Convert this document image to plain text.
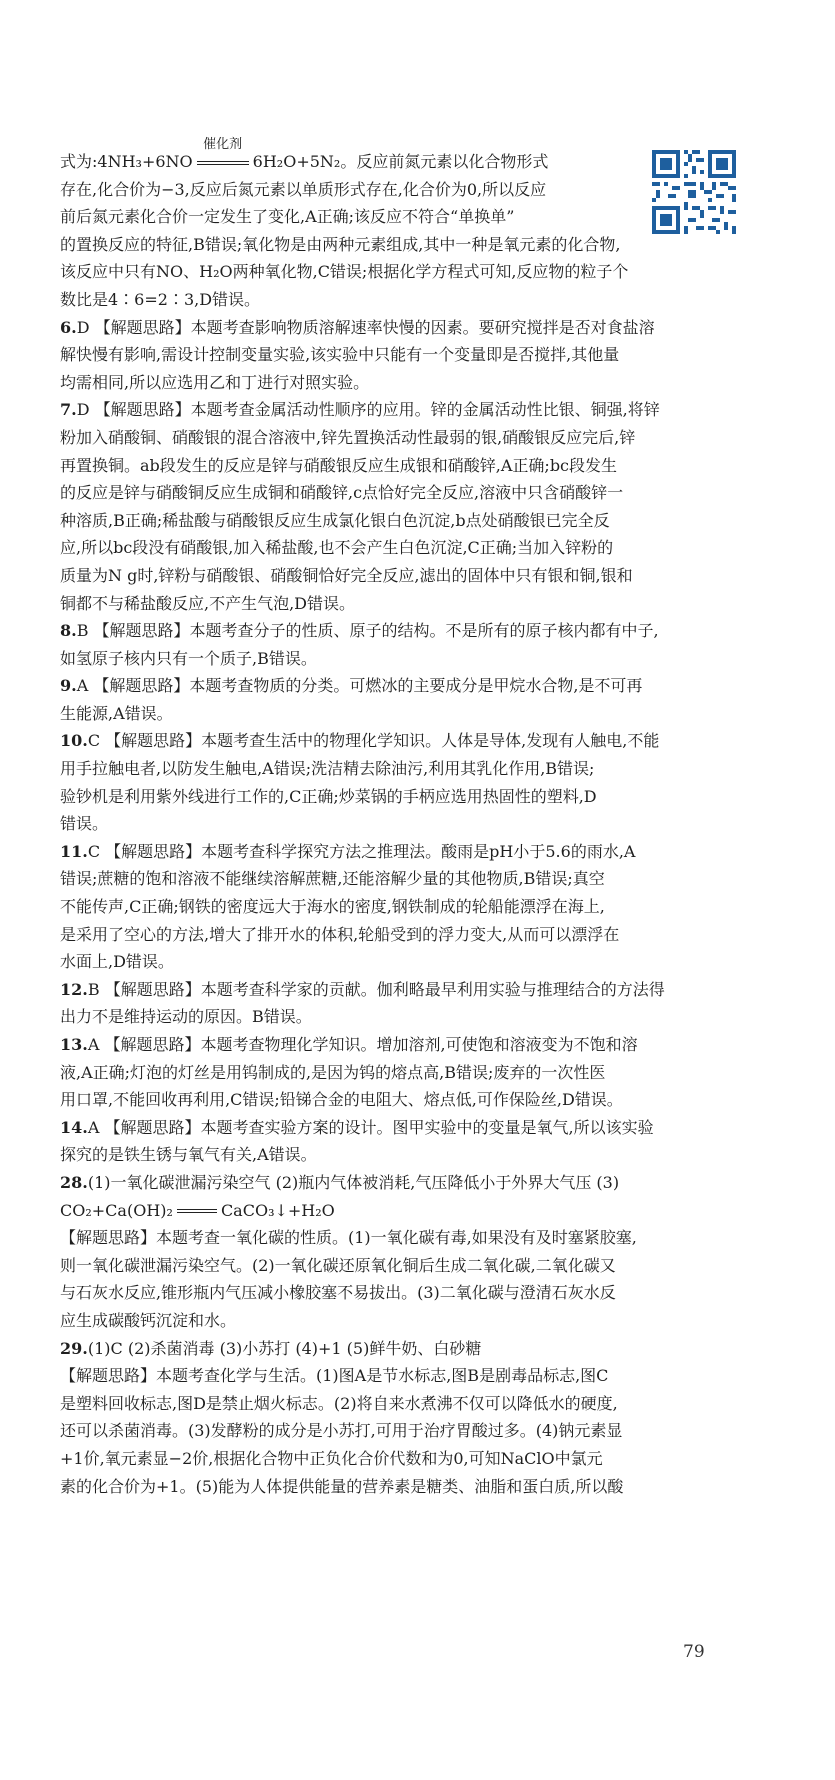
式为:4NH₃+6NO
催化剂
6H₂O+5N₂。反应前氮元素以化合物形式
存在,化合价为−3,反应后氮元素以单质形式存在,化合价为0,所以反应
前后氮元素化合价一定发生了变化,A正确;该反应不符合“单换单”
的置换反应的特征,B错误;氧化物是由两种元素组成,其中一种是氧元素的化合物,
该反应中只有NO、H₂O两种氧化物,C错误;根据化学方程式可知,反应物的粒子个
数比是4∶6=2∶3,D错误。
6.D 【解题思路】本题考查影响物质溶解速率快慢的因素。要研究搅拌是否对食盐溶
解快慢有影响,需设计控制变量实验,该实验中只能有一个变量即是否搅拌,其他量
均需相同,所以应选用乙和丁进行对照实验。
7.D 【解题思路】本题考查金属活动性顺序的应用。锌的金属活动性比银、铜强,将锌
粉加入硝酸铜、硝酸银的混合溶液中,锌先置换活动性最弱的银,硝酸银反应完后,锌
再置换铜。ab段发生的反应是锌与硝酸银反应生成银和硝酸锌,A正确;bc段发生
的反应是锌与硝酸铜反应生成铜和硝酸锌,c点恰好完全反应,溶液中只含硝酸锌一
种溶质,B正确;稀盐酸与硝酸银反应生成氯化银白色沉淀,b点处硝酸银已完全反
应,所以bc段没有硝酸银,加入稀盐酸,也不会产生白色沉淀,C正确;当加入锌粉的
质量为N g时,锌粉与硝酸银、硝酸铜恰好完全反应,滤出的固体中只有银和铜,银和
铜都不与稀盐酸反应,不产生气泡,D错误。
8.B 【解题思路】本题考查分子的性质、原子的结构。不是所有的原子核内都有中子,
如氢原子核内只有一个质子,B错误。
9.A 【解题思路】本题考查物质的分类。可燃冰的主要成分是甲烷水合物,是不可再
生能源,A错误。
10.C 【解题思路】本题考查生活中的物理化学知识。人体是导体,发现有人触电,不能
用手拉触电者,以防发生触电,A错误;洗洁精去除油污,利用其乳化作用,B错误;
验钞机是利用紫外线进行工作的,C正确;炒菜锅的手柄应选用热固性的塑料,D
错误。
11.C 【解题思路】本题考查科学探究方法之推理法。酸雨是pH小于5.6的雨水,A
错误;蔗糖的饱和溶液不能继续溶解蔗糖,还能溶解少量的其他物质,B错误;真空
不能传声,C正确;钢铁的密度远大于海水的密度,钢铁制成的轮船能漂浮在海上,
是采用了空心的方法,增大了排开水的体积,轮船受到的浮力变大,从而可以漂浮在
水面上,D错误。
12.B 【解题思路】本题考查科学家的贡献。伽利略最早利用实验与推理结合的方法得
出力不是维持运动的原因。B错误。
13.A 【解题思路】本题考查物理化学知识。增加溶剂,可使饱和溶液变为不饱和溶
液,A正确;灯泡的灯丝是用钨制成的,是因为钨的熔点高,B错误;废弃的一次性医
用口罩,不能回收再利用,C错误;铅锑合金的电阻大、熔点低,可作保险丝,D错误。
14.A 【解题思路】本题考查实验方案的设计。图甲实验中的变量是氧气,所以该实验
探究的是铁生锈与氧气有关,A错误。
28.(1)一氧化碳泄漏污染空气 (2)瓶内气体被消耗,气压降低小于外界大气压 (3)
CO₂+Ca(OH)₂	CaCO₃↓+H₂O
【解题思路】本题考查一氧化碳的性质。(1)一氧化碳有毒,如果没有及时塞紧胶塞,
则一氧化碳泄漏污染空气。(2)一氧化碳还原氧化铜后生成二氧化碳,二氧化碳又
与石灰水反应,锥形瓶内气压减小橡胶塞不易拔出。(3)二氧化碳与澄清石灰水反
应生成碳酸钙沉淀和水。
29.(1)C (2)杀菌消毒 (3)小苏打 (4)+1 (5)鲜牛奶、白砂糖
【解题思路】本题考查化学与生活。(1)图A是节水标志,图B是剧毒品标志,图C
是塑料回收标志,图D是禁止烟火标志。(2)将自来水煮沸不仅可以降低水的硬度,
还可以杀菌消毒。(3)发酵粉的成分是小苏打,可用于治疗胃酸过多。(4)钠元素显
+1价,氧元素显−2价,根据化合物中正负化合价代数和为0,可知NaClO中氯元
素的化合价为+1。(5)能为人体提供能量的营养素是糖类、油脂和蛋白质,所以酸
79
